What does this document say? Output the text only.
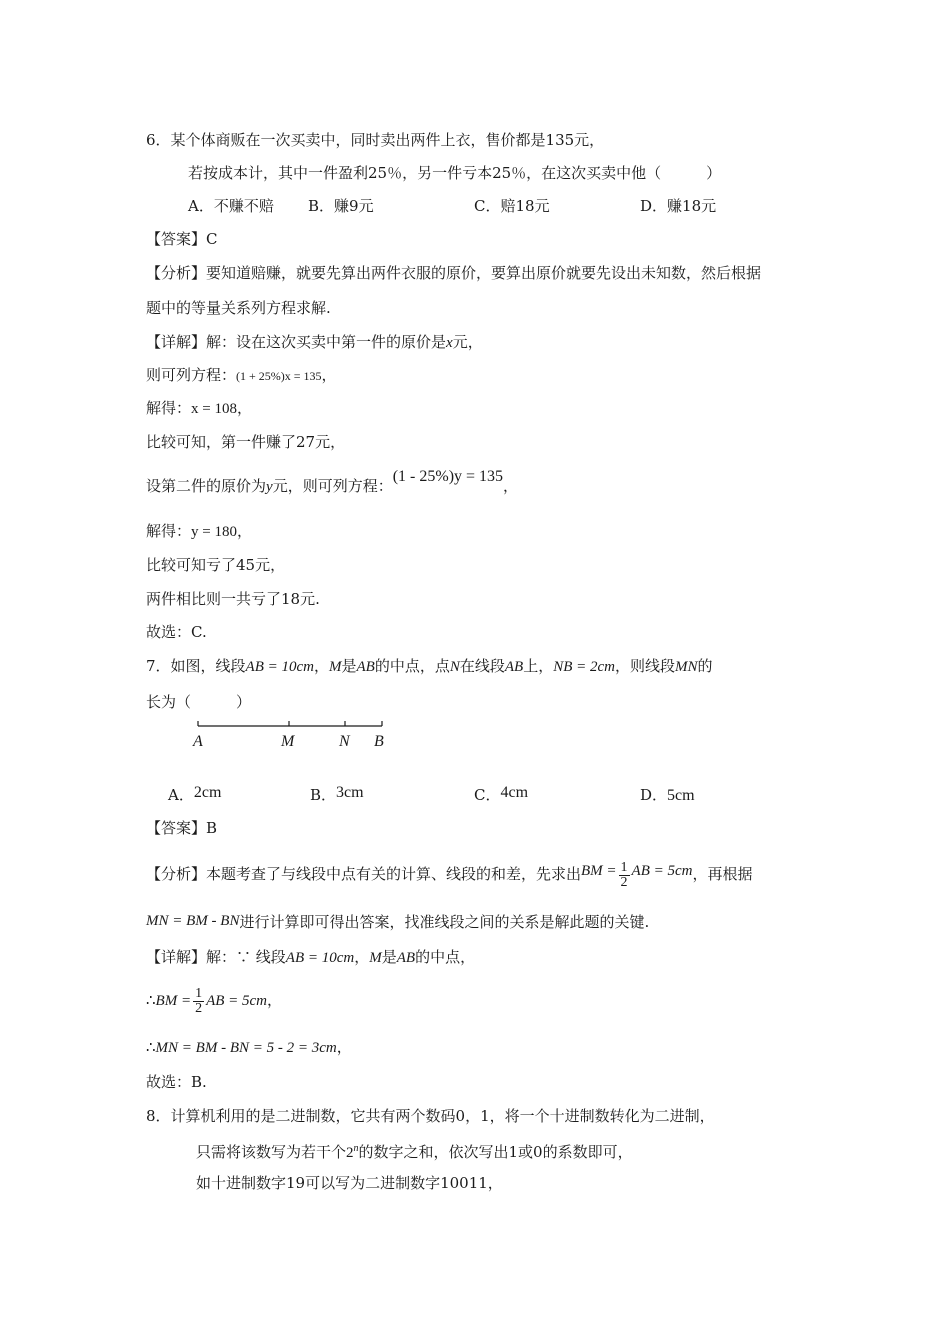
6．某个体商贩在一次买卖中，同时卖出两件上衣，售价都是135元，
若按成本计，其中一件盈利25％，另一件亏本25％，在这次买卖中他（　　　）
A．不赚不赔 B．赚9元	C．赔18元	D．赚18元
【答案】C
【分析】要知道赔赚，就要先算出两件衣服的原价，要算出原价就要先设出未知数，然后根据
题中的等量关系列方程求解.
【详解】解：设在这次买卖中第一件的原价是x元，
则可列方程：(1 + 25%)x = 135，
解得：x = 108，
比较可知，第一件赚了27元，
设第二件的原价为y元，则可列方程：(1 - 25%)y = 135，
解得：y = 180，
比较可知亏了45元，
两件相比则一共亏了18元.
故选：C.
7．如图，线段AB = 10cm，M是AB的中点，点N在线段AB上，NB = 2cm，则线段MN的
长为（　　　）
A	M	N B
A．2cm	B．3cm	C．4cm	D．5cm
【答案】B
【分析】本题考查了与线段中点有关的计算、线段的和差，先求出BM = $\frac{1}{2}$ AB = 5cm，再根据
MN = BM - BN进行计算即可得出答案，找准线段之间的关系是解此题的关键.
【详解】解：∵ 线段AB = 10cm，M是AB的中点，
∴BM = $\frac{1}{2}$ AB = 5cm，
∴MN = BM - BN = 5 - 2 = 3cm，
故选：B.
8．计算机利用的是二进制数，它共有两个数码0，1，将一个十进制数转化为二进制，
只需将该数写为若干个2$^n$的数字之和，依次写出1或0的系数即可，
如十进制数字19可以写为二进制数字10011，
